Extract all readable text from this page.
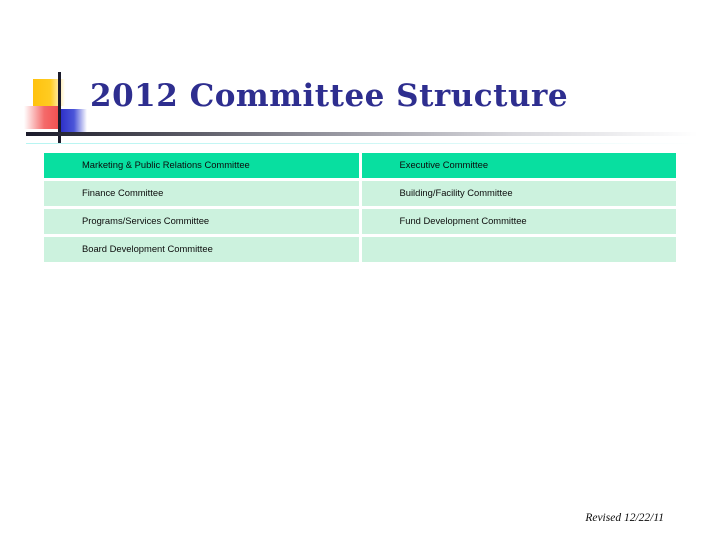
2012 Committee Structure
Marketing & Public Relations Committee	Executive Committee

Finance Committee	Building/Facility Committee

Programs/Services Committee	Fund Development Committee

Board Development Committee

Revised 12/22/11
